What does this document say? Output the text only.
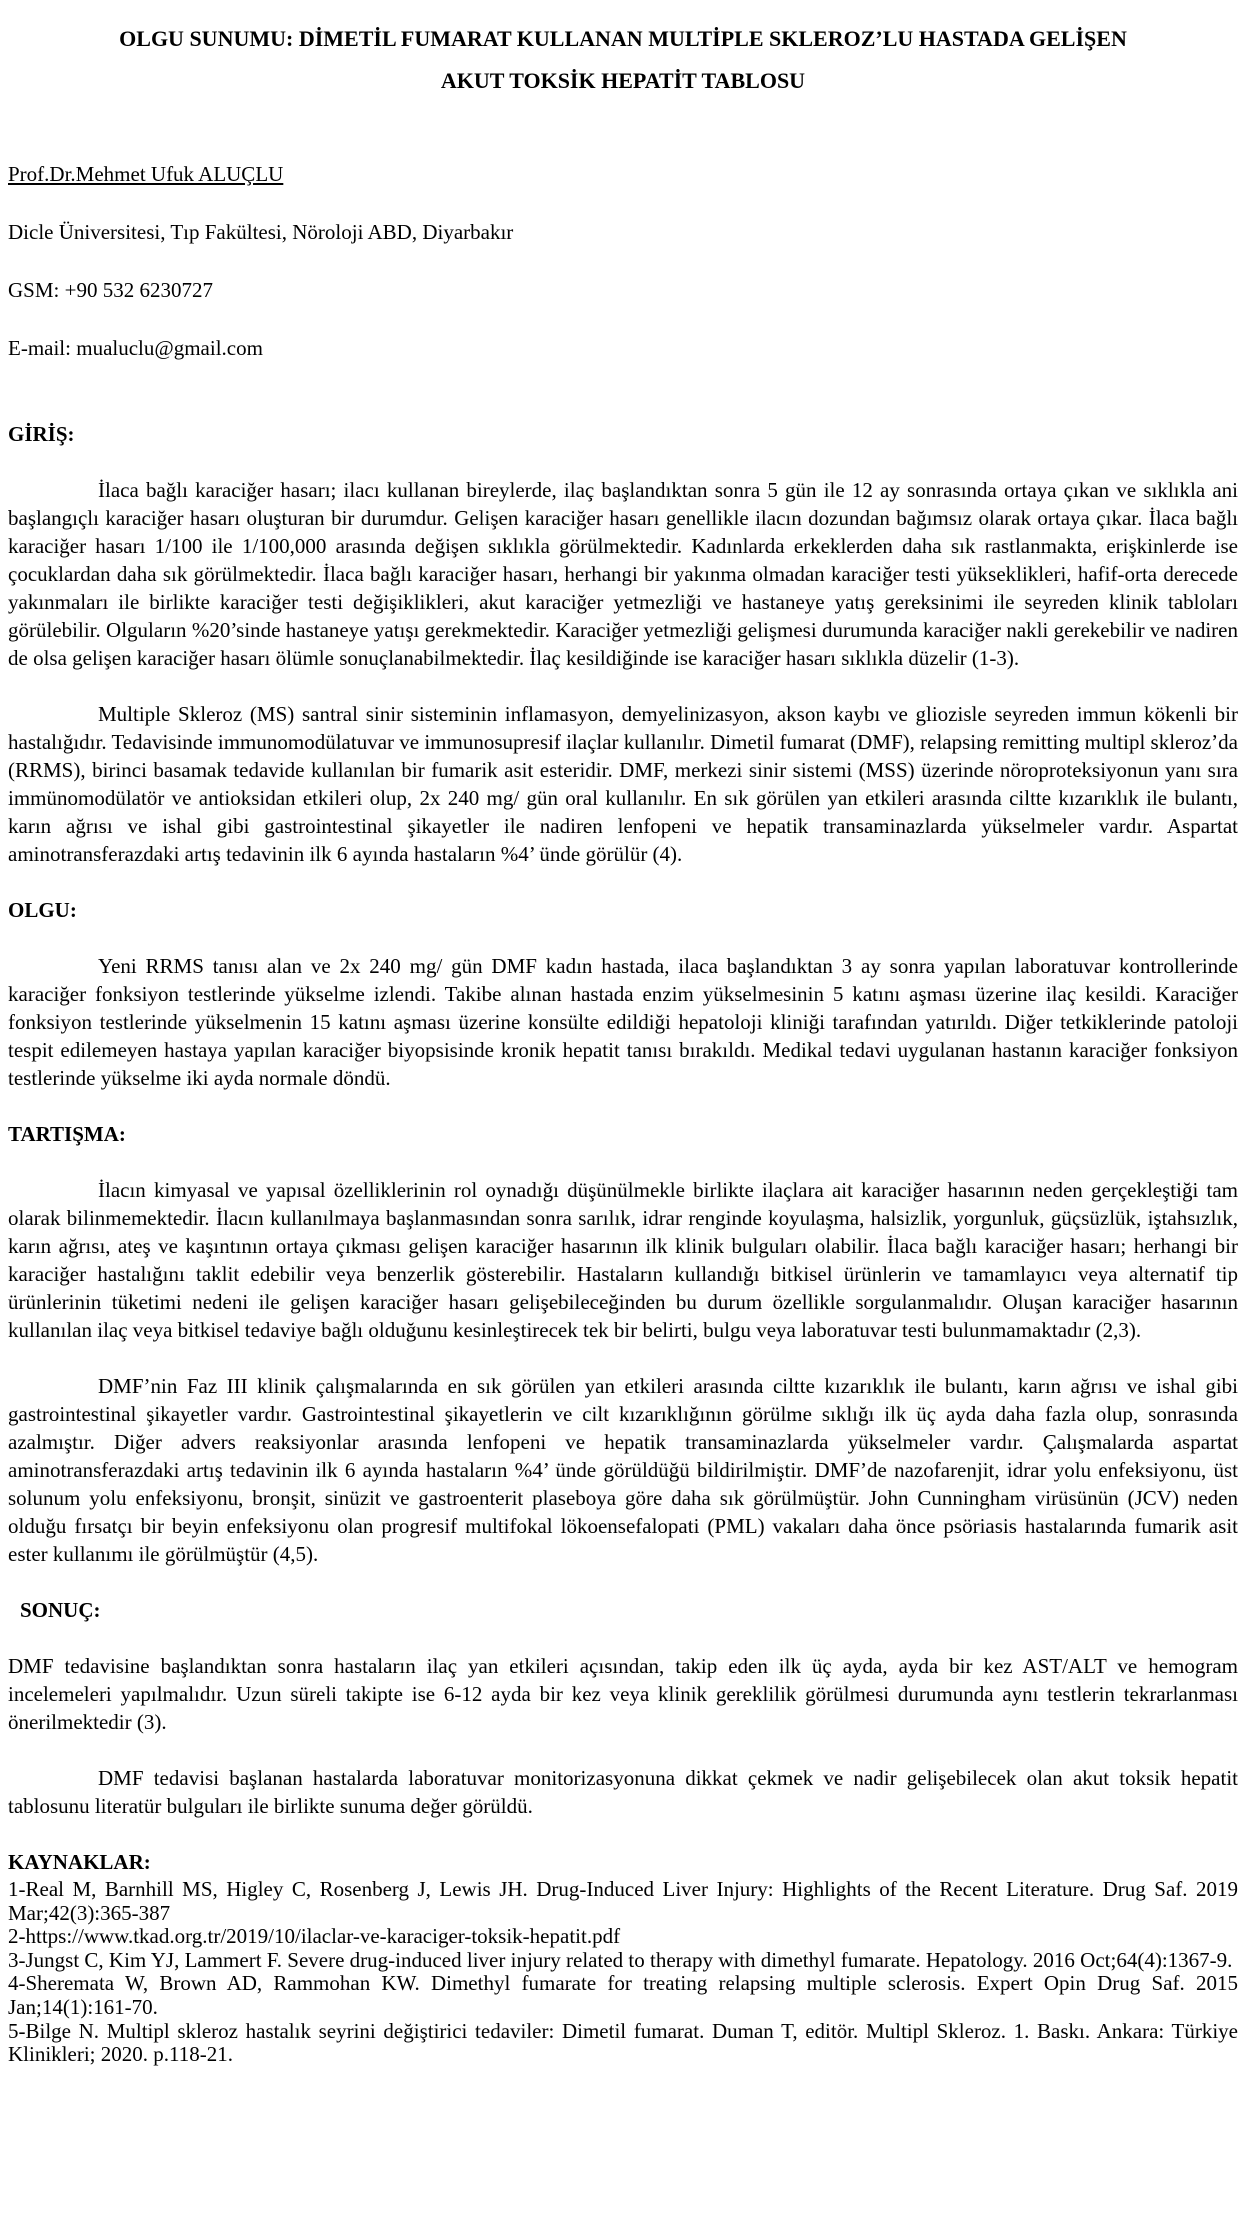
OLGU SUNUMU: DİMETİL FUMARAT KULLANAN MULTİPLE SKLEROZ’LU HASTADA GELİŞEN
AKUT TOKSİK HEPATİT TABLOSU

Prof.Dr.Mehmet Ufuk ALUÇLU

Dicle Üniversitesi, Tıp Fakültesi, Nöroloji ABD, Diyarbakır

GSM: +90 532 6230727

E-mail: mualuclu@gmail.com

GİRİŞ:

İlaca bağlı karaciğer hasarı; ilacı kullanan bireylerde, ilaç başlandıktan sonra 5 gün ile 12 ay sonrasında ortaya çıkan ve sıklıkla ani başlangıçlı karaciğer hasarı oluşturan bir durumdur. Gelişen karaciğer hasarı genellikle ilacın dozundan bağımsız olarak ortaya çıkar. İlaca bağlı karaciğer hasarı 1/100 ile 1/100,000 arasında değişen sıklıkla görülmektedir. Kadınlarda erkeklerden daha sık rastlanmakta, erişkinlerde ise çocuklardan daha sık görülmektedir. İlaca bağlı karaciğer hasarı, herhangi bir yakınma olmadan karaciğer testi yükseklikleri, hafif-orta derecede yakınmaları ile birlikte karaciğer testi değişiklikleri, akut karaciğer yetmezliği ve hastaneye yatış gereksinimi ile seyreden klinik tabloları görülebilir. Olguların %20’sinde hastaneye yatışı gerekmektedir. Karaciğer yetmezliği gelişmesi durumunda karaciğer nakli gerekebilir ve nadiren de olsa gelişen karaciğer hasarı ölümle sonuçlanabilmektedir. İlaç kesildiğinde ise karaciğer hasarı sıklıkla düzelir (1-3).

Multiple Skleroz (MS) santral sinir sisteminin inflamasyon, demyelinizasyon, akson kaybı ve gliozisle seyreden immun kökenli bir hastalığıdır. Tedavisinde immunomodülatuvar ve immunosupresif ilaçlar kullanılır. Dimetil fumarat (DMF), relapsing remitting multipl skleroz’da (RRMS), birinci basamak tedavide kullanılan bir fumarik asit esteridir. DMF, merkezi sinir sistemi (MSS) üzerinde nöroproteksiyonun yanı sıra immünomodülatör ve antioksidan etkileri olup, 2x 240 mg/ gün oral kullanılır. En sık görülen yan etkileri arasında ciltte kızarıklık ile bulantı, karın ağrısı ve ishal gibi gastrointestinal şikayetler ile nadiren lenfopeni ve hepatik transaminazlarda yükselmeler vardır. Aspartat aminotransferazdaki artış tedavinin ilk 6 ayında hastaların %4’ ünde görülür (4).

OLGU:

Yeni RRMS tanısı alan ve 2x 240 mg/ gün DMF kadın hastada, ilaca başlandıktan 3 ay sonra yapılan laboratuvar kontrollerinde karaciğer fonksiyon testlerinde yükselme izlendi. Takibe alınan hastada enzim yükselmesinin 5 katını aşması üzerine ilaç kesildi. Karaciğer fonksiyon testlerinde yükselmenin 15 katını aşması üzerine konsülte edildiği hepatoloji kliniği tarafından yatırıldı. Diğer tetkiklerinde patoloji tespit edilemeyen hastaya yapılan karaciğer biyopsisinde kronik hepatit tanısı bırakıldı. Medikal tedavi uygulanan hastanın karaciğer fonksiyon testlerinde yükselme iki ayda normale döndü.

TARTIŞMA:

İlacın kimyasal ve yapısal özelliklerinin rol oynadığı düşünülmekle birlikte ilaçlara ait karaciğer hasarının neden gerçekleştiği tam olarak bilinmemektedir. İlacın kullanılmaya başlanmasından sonra sarılık, idrar renginde koyulaşma, halsizlik, yorgunluk, güçsüzlük, iştahsızlık, karın ağrısı, ateş ve kaşıntının ortaya çıkması gelişen karaciğer hasarının ilk klinik bulguları olabilir. İlaca bağlı karaciğer hasarı; herhangi bir karaciğer hastalığını taklit edebilir veya benzerlik gösterebilir. Hastaların kullandığı bitkisel ürünlerin ve tamamlayıcı veya alternatif tip ürünlerinin tüketimi nedeni ile gelişen karaciğer hasarı gelişebileceğinden bu durum özellikle sorgulanmalıdır. Oluşan karaciğer hasarının kullanılan ilaç veya bitkisel tedaviye bağlı olduğunu kesinleştirecek tek bir belirti, bulgu veya laboratuvar testi bulunmamaktadır (2,3).

DMF’nin Faz III klinik çalışmalarında en sık görülen yan etkileri arasında ciltte kızarıklık ile bulantı, karın ağrısı ve ishal gibi gastrointestinal şikayetler vardır. Gastrointestinal şikayetlerin ve cilt kızarıklığının görülme sıklığı ilk üç ayda daha fazla olup, sonrasında azalmıştır. Diğer advers reaksiyonlar arasında lenfopeni ve hepatik transaminazlarda yükselmeler vardır. Çalışmalarda aspartat aminotransferazdaki artış tedavinin ilk 6 ayında hastaların %4’ ünde görüldüğü bildirilmiştir. DMF’de nazofarenjit, idrar yolu enfeksiyonu, üst solunum yolu enfeksiyonu, bronşit, sinüzit ve gastroenterit plaseboya göre daha sık görülmüştür. John Cunningham virüsünün (JCV) neden olduğu fırsatçı bir beyin enfeksiyonu olan progresif multifokal lökoensefalopati (PML) vakaları daha önce psöriasis hastalarında fumarik asit ester kullanımı ile görülmüştür (4,5).

SONUÇ:

DMF tedavisine başlandıktan sonra hastaların ilaç yan etkileri açısından, takip eden ilk üç ayda, ayda bir kez AST/ALT ve hemogram incelemeleri yapılmalıdır. Uzun süreli takipte ise 6-12 ayda bir kez veya klinik gereklilik görülmesi durumunda aynı testlerin tekrarlanması önerilmektedir (3).

DMF tedavisi başlanan hastalarda laboratuvar monitorizasyonuna dikkat çekmek ve nadir gelişebilecek olan akut toksik hepatit tablosunu literatür bulguları ile birlikte sunuma değer görüldü.

KAYNAKLAR:

1-Real M, Barnhill MS, Higley C, Rosenberg J, Lewis JH. Drug-Induced Liver Injury: Highlights of the Recent Literature. Drug Saf. 2019 Mar;42(3):365-387

2-https://www.tkad.org.tr/2019/10/ilaclar-ve-karaciger-toksik-hepatit.pdf

3-Jungst C, Kim YJ, Lammert F. Severe drug-induced liver injury related to therapy with dimethyl fumarate. Hepatology. 2016 Oct;64(4):1367-9.

4-Sheremata W, Brown AD, Rammohan KW. Dimethyl fumarate for treating relapsing multiple sclerosis. Expert Opin Drug Saf. 2015 Jan;14(1):161-70.

5-Bilge N. Multipl skleroz hastalık seyrini değiştirici tedaviler: Dimetil fumarat. Duman T, editör. Multipl Skleroz. 1. Baskı. Ankara: Türkiye Klinikleri; 2020. p.118-21.
